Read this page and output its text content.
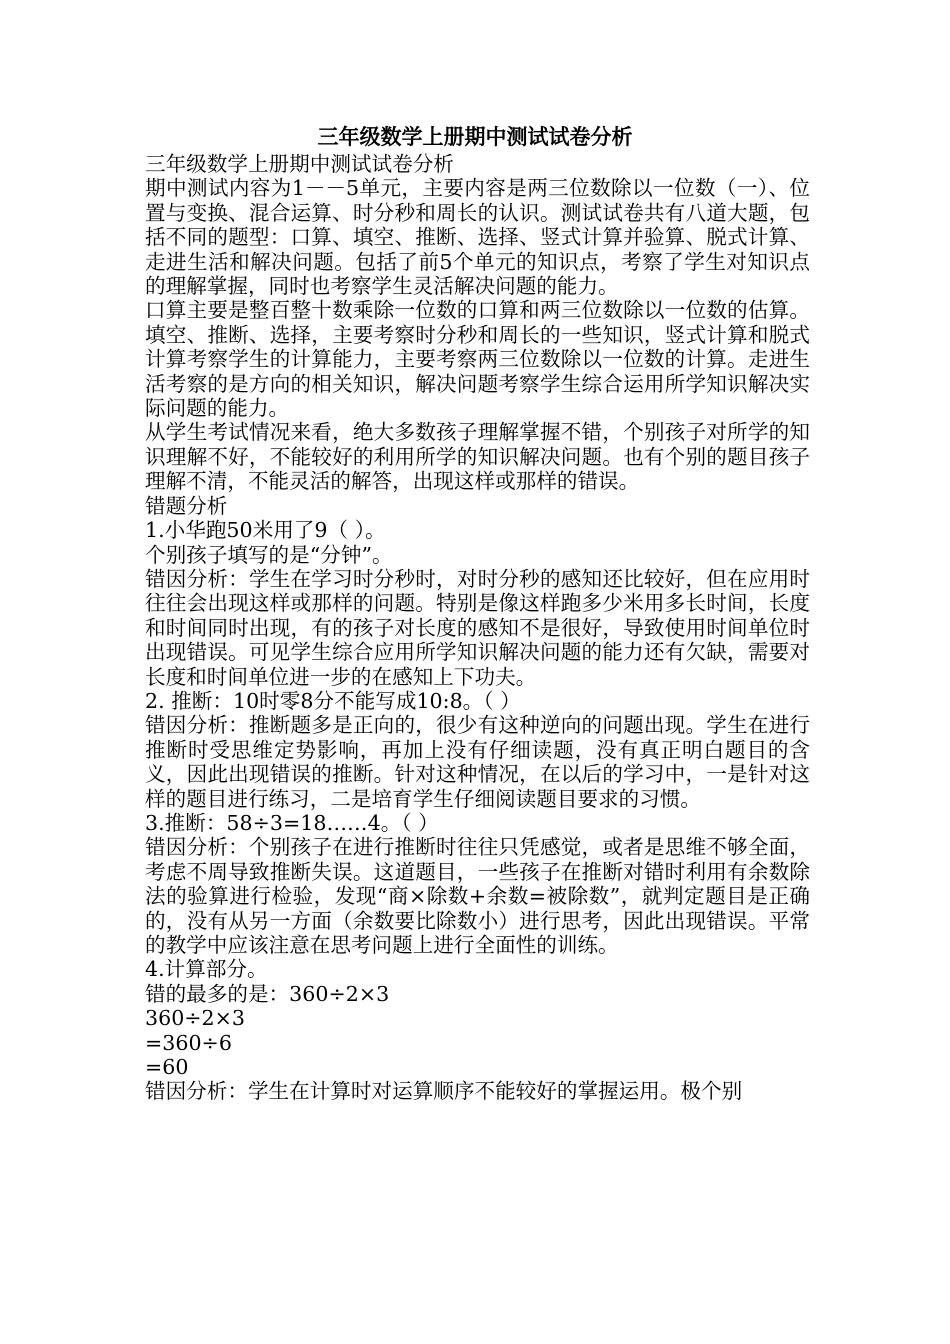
三年级数学上册期中测试试卷分析

三年级数学上册期中测试试卷分析

期中测试内容为1－－5单元，主要内容是两三位数除以一位数（一）、位置与变换、混合运算、时分秒和周长的认识。测试试卷共有八道大题，包括不同的题型：口算、填空、推断、选择、竖式计算并验算、脱式计算、走进生活和解决问题。包括了前5个单元的知识点，考察了学生对知识点的理解掌握，同时也考察学生灵活解决问题的能力。

口算主要是整百整十数乘除一位数的口算和两三位数除以一位数的估算。填空、推断、选择，主要考察时分秒和周长的一些知识，竖式计算和脱式计算考察学生的计算能力，主要考察两三位数除以一位数的计算。走进生活考察的是方向的相关知识，解决问题考察学生综合运用所学知识解决实际问题的能力。

从学生考试情况来看，绝大多数孩子理解掌握不错，个别孩子对所学的知识理解不好，不能较好的利用所学的知识解决问题。也有个别的题目孩子理解不清，不能灵活的解答，出现这样或那样的错误。

错题分析

1.小华跑50米用了9（ ）。

个别孩子填写的是“分钟”。

错因分析：学生在学习时分秒时，对时分秒的感知还比较好，但在应用时往往会出现这样或那样的问题。特别是像这样跑多少米用多长时间，长度和时间同时出现，有的孩子对长度的感知不是很好，导致使用时间单位时出现错误。可见学生综合应用所学知识解决问题的能力还有欠缺，需要对长度和时间单位进一步的在感知上下功夫。

2. 推断：10时零8分不能写成10:8。（ ）

错因分析：推断题多是正向的，很少有这种逆向的问题出现。学生在进行推断时受思维定势影响，再加上没有仔细读题，没有真正明白题目的含义，因此出现错误的推断。针对这种情况，在以后的学习中，一是针对这样的题目进行练习，二是培育学生仔细阅读题目要求的习惯。

3.推断：58÷3=18……4。（ ）

错因分析：个别孩子在进行推断时往往只凭感觉，或者是思维不够全面，考虑不周导致推断失误。这道题目，一些孩子在推断对错时利用有余数除法的验算进行检验，发现“商×除数+余数=被除数”，就判定题目是正确的，没有从另一方面（余数要比除数小）进行思考，因此出现错误。平常的教学中应该注意在思考问题上进行全面性的训练。

4.计算部分。

错的最多的是：360÷2×3

360÷2×3

=360÷6

=60

错因分析：学生在计算时对运算顺序不能较好的掌握运用。极个别
